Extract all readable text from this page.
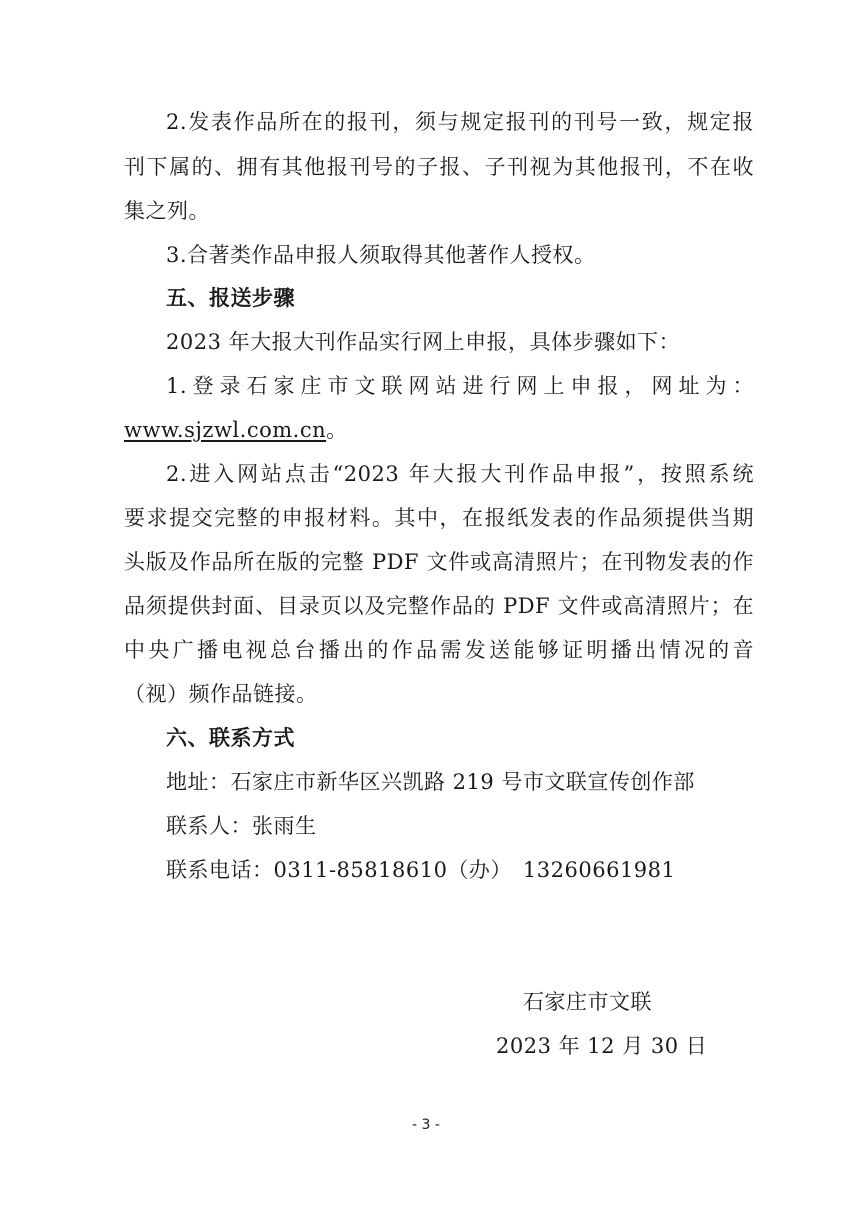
2.发表作品所在的报刊，须与规定报刊的刊号一致，规定报
刊下属的、拥有其他报刊号的子报、子刊视为其他报刊，不在收
集之列。
3.合著类作品申报人须取得其他著作人授权。
五、报送步骤
2023 年大报大刊作品实行网上申报，具体步骤如下：
1.登录石家庄市文联网站进行网上申报，网址为：
www.sjzwl.com.cn。
2.进入网站点击“2023 年大报大刊作品申报”，按照系统
要求提交完整的申报材料。其中，在报纸发表的作品须提供当期
头版及作品所在版的完整 PDF 文件或高清照片；在刊物发表的作
品须提供封面、目录页以及完整作品的 PDF 文件或高清照片；在
中央广播电视总台播出的作品需发送能够证明播出情况的音
（视）频作品链接。
六、联系方式
地址：石家庄市新华区兴凯路 219 号市文联宣传创作部
联系人：张雨生
联系电话：0311-85818610（办）　13260661981
石家庄市文联
2023 年 12 月 30 日
- 3 -
